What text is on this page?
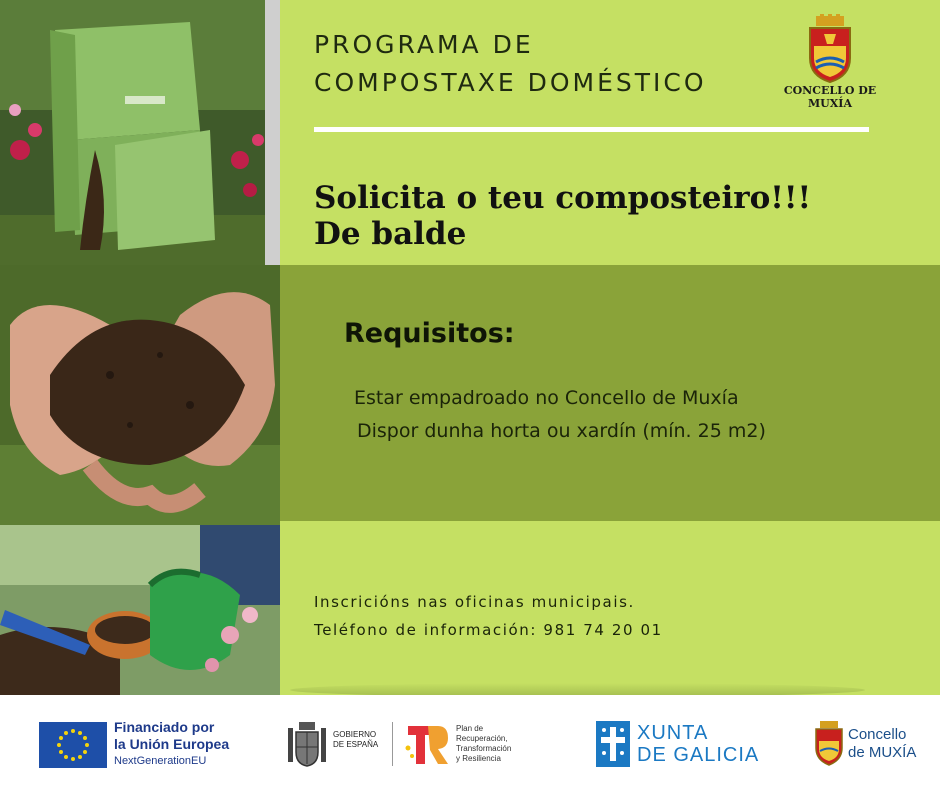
PROGRAMA DE
COMPOSTAXE DOMÉSTICO	CONCELLO DE
MUXÍA
Solicita o teu composteiro!!!
De balde
Requisitos:
Estar empadroado no Concello de Muxía
Dispor dunha horta ou xardín (mín. 25 m2)
Inscricións nas oficinas municipais.
Teléfono de información: 981 74 20 01
Financiado por
la Unión Europea
NextGenerationEU
GOBIERNO
DE ESPAÑA
Plan de
Recuperación,
Transformación
y Resiliencia
XUNTA
DE GALICIA
Concello
de MUXÍA
